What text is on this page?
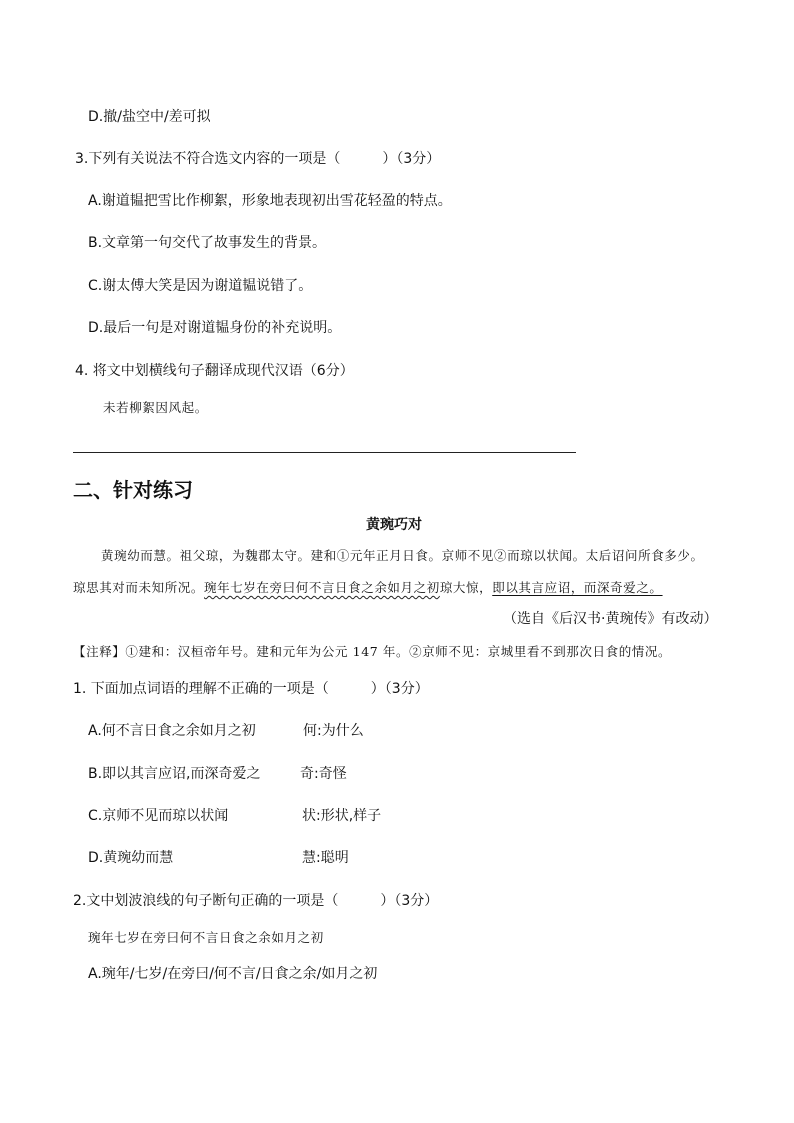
D.撤/盐空中/差可拟
3.下列有关说法不符合选文内容的一项是（　　　）（3分）
A.谢道韫把雪比作柳絮，形象地表现初出雪花轻盈的特点。
B.文章第一句交代了故事发生的背景。
C.谢太傅大笑是因为谢道韫说错了。
D.最后一句是对谢道韫身份的补充说明。
4. 将文中划横线句子翻译成现代汉语（6分）
未若柳絮因风起。
二、针对练习
黄琬巧对
黄琬幼而慧。祖父琼，为魏郡太守。建和①元年正月日食。京师不见②而琼以状闻。太后诏问所食多少。
琼思其对而未知所况。琬年七岁在旁曰何不言日食之余如月之初琼大惊，即以其言应诏，而深奇爱之。
（选自《后汉书·黄琬传》有改动）
【注释】①建和：汉桓帝年号。建和元年为公元 147 年。②京师不见：京城里看不到那次日食的情况。
1. 下面加点词语的理解不正确的一项是（　　　）（3分）
A.何不言日食之余如月之初	何:为什么
B.即以其言应诏,而深奇爱之	奇:奇怪
C.京师不见而琼以状闻	状:形状,样子
D.黄琬幼而慧	慧:聪明
2.文中划波浪线的句子断句正确的一项是（　　　）（3分）
琬年七岁在旁曰何不言日食之余如月之初
A.琬年/七岁/在旁曰/何不言/日食之余/如月之初
